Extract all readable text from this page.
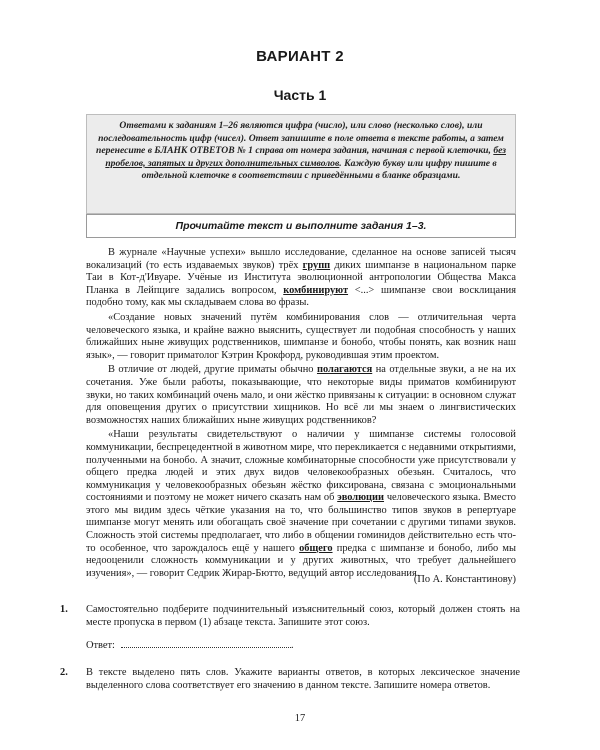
ВАРИАНТ 2
Часть 1
Ответами к заданиям 1–26 являются цифра (число), или слово (несколько слов), или последовательность цифр (чисел). Ответ запишите в поле ответа в тексте работы, а затем перенесите в БЛАНК ОТВЕТОВ № 1 справа от номера задания, начиная с первой клеточки, без пробелов, запятых и других дополнительных символов. Каждую букву или цифру пишите в отдельной клеточке в соответствии с приведёнными в бланке образцами.
Прочитайте текст и выполните задания 1–3.

В журнале «Научные успехи» вышло исследование, сделанное на основе записей тысяч вокализаций (то есть издаваемых звуков) трёх групп диких шимпанзе в национальном парке Таи в Кот-д'Ивуаре. Учёные из Института эволюционной антропологии Общества Макса Планка в Лейпциге задались вопросом, комбинируют <...> шимпанзе свои восклицания подобно тому, как мы складываем слова во фразы.

«Создание новых значений путём комбинирования слов — отличительная черта человеческого языка, и крайне важно выяснить, существует ли подобная способность у наших ближайших ныне живущих родственников, шимпанзе и бонобо, чтобы понять, как возник наш язык», — говорит приматолог Кэтрин Крокфорд, руководившая этим проектом.

В отличие от людей, другие приматы обычно полагаются на отдельные звуки, а не на их сочетания. Уже были работы, показывающие, что некоторые виды приматов комбинируют звуки, но таких комбинаций очень мало, и они жёстко привязаны к ситуации: в основном служат для оповещения других о присутствии хищников. Но всё ли мы знаем о лингвистических возможностях наших ближайших ныне живущих родственников?

«Наши результаты свидетельствуют о наличии у шимпанзе системы голосовой коммуникации, беспрецедентной в животном мире, что перекликается с недавними открытиями, полученными на бонобо. А значит, сложные комбинаторные способности уже присутствовали у общего предка людей и этих двух видов человекообразных обезьян. Считалось, что коммуникация у человекообразных обезьян жёстко фиксирована, связана с эмоциональными состояниями и поэтому не может ничего сказать нам об эволюции человеческого языка. Вместо этого мы видим здесь чёткие указания на то, что большинство типов звуков в репертуаре шимпанзе могут менять или обогащать своё значение при сочетании с другими типами звуков. Сложность этой системы предполагает, что либо в общении гоминидов действительно есть что-то особенное, что зарождалось ещё у нашего общего предка с шимпанзе и бонобо, либо мы недооценили сложность коммуникации и у других животных, что требует дальнейшего изучения», — говорит Седрик Жирар-Бютто, ведущий автор исследования.

(По А. Константинову)
1. Самостоятельно подберите подчинительный изъяснительный союз, который должен стоять на месте пропуска в первом (1) абзаце текста. Запишите этот союз.
Ответ:	.
2. В тексте выделено пять слов. Укажите варианты ответов, в которых лексическое значение выделенного слова соответствует его значению в данном тексте. Запишите номера ответов.
17
